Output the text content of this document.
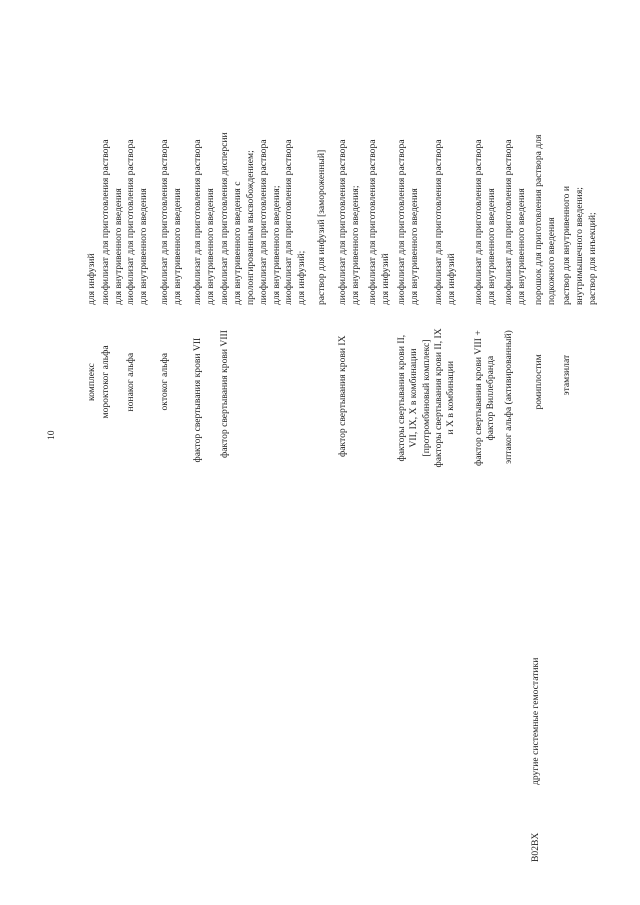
10
B02BX
другие системные гемостатики
комплекс мороктоког альфа нонаког альфа октоког альфа фактор свертывания крови VII фактор свертывания крови VIII	фактор свертывания крови IX	факторы свертывания крови II, VII, IX, X в комбинации [протромбиновый комплекс] факторы свертывания крови II, IX и X в комбинации фактор свертывания крови VIII + фактор Виллебранда эптаког альфа (активированный) ромиплостим этамзилат
для инфузий лиофилизат для приготовления раствора для внутривенного введения лиофилизат для приготовления раствора для внутривенного введения лиофилизат для приготовления раствора для внутривенного введения лиофилизат для приготовления раствора для внутривенного введения лиофилизат для приготовления дисперсии для внутривенного введения с пролонгированным высвобождением; лиофилизат для приготовления раствора для внутривенного введения; лиофилизат для приготовления раствора для инфузий; раствор для инфузий [замороженный] лиофилизат для приготовления раствора для внутривенного введения; лиофилизат для приготовления раствора для инфузий лиофилизат для приготовления раствора для внутривенного введения лиофилизат для приготовления раствора для инфузий лиофилизат для приготовления раствора для внутривенного введения лиофилизат для приготовления раствора для внутривенного введения порошок для приготовления раствора для подкожного введения раствор для внутривенного и внутримышечного введения; раствор для инъекций;
